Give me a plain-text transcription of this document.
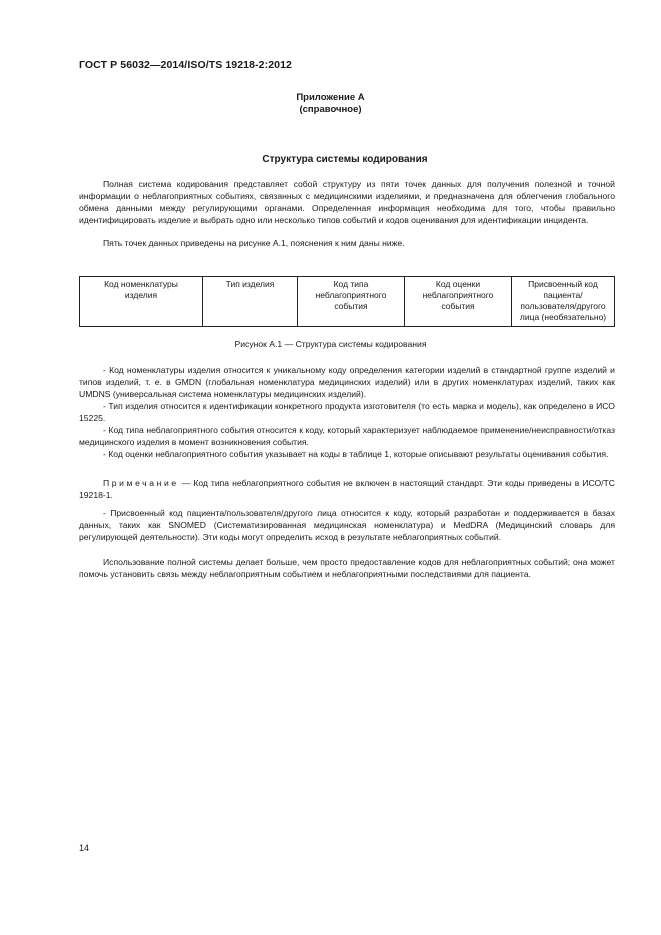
ГОСТ Р 56032—2014/ISO/TS 19218-2:2012
Приложение А
(справочное)
Структура системы кодирования

Полная система кодирования представляет собой структуру из пяти точек данных для получения полезной и точной информации о неблагоприятных событиях, связанных с медицинскими изделиями, и предназначена для облегчения глобального обмена данными между регулирующими органами. Определенная информация необходима для того, чтобы правильно идентифицировать изделие и выбрать одно или несколько типов событий и кодов оценивания для идентификации инцидента.

Пять точек данных приведены на рисунке А.1, пояснения к ним даны ниже.

Код номенклатуры изделия
Тип изделия	Код типа неблагоприятного события
Код оценки неблагоприятного события
Присвоенный код пациента/пользователя/другого лица (необязательно)
Рисунок А.1 — Структура системы кодирования

- Код номенклатуры изделия относится к уникальному коду определения категории изделий в стандартной группе изделий и типов изделий, т. е. в GMDN (глобальная номенклатура медицинских изделий) или в других номенклатурах изделий, таких как UMDNS (универсальная система номенклатуры медицинских изделий).

- Тип изделия относится к идентификации конкретного продукта изготовителя (то есть марка и модель), как определено в ИСО 15225.

- Код типа неблагоприятного события относится к коду, который характеризует наблюдаемое применение/неисправности/отказ медицинского изделия в момент возникновения события.

- Код оценки неблагоприятного события указывает на коды в таблице 1, которые описывают результаты оценивания события.

Примечание — Код типа неблагоприятного события не включен в настоящий стандарт. Эти коды приведены в ИСО/ТС 19218-1.

- Присвоенный код пациента/пользователя/другого лица относится к коду, который разработан и поддерживается в базах данных, таких как SNOMED (Систематизированная медицинская номенклатура) и MedDRA (Медицинский словарь для регулирующей деятельности). Эти коды могут определить исход в результате неблагоприятных событий.

Использование полной системы делает больше, чем просто предоставление кодов для неблагоприятных событий; она может помочь установить связь между неблагоприятным событием и неблагоприятными последствиями для пациента.

14
